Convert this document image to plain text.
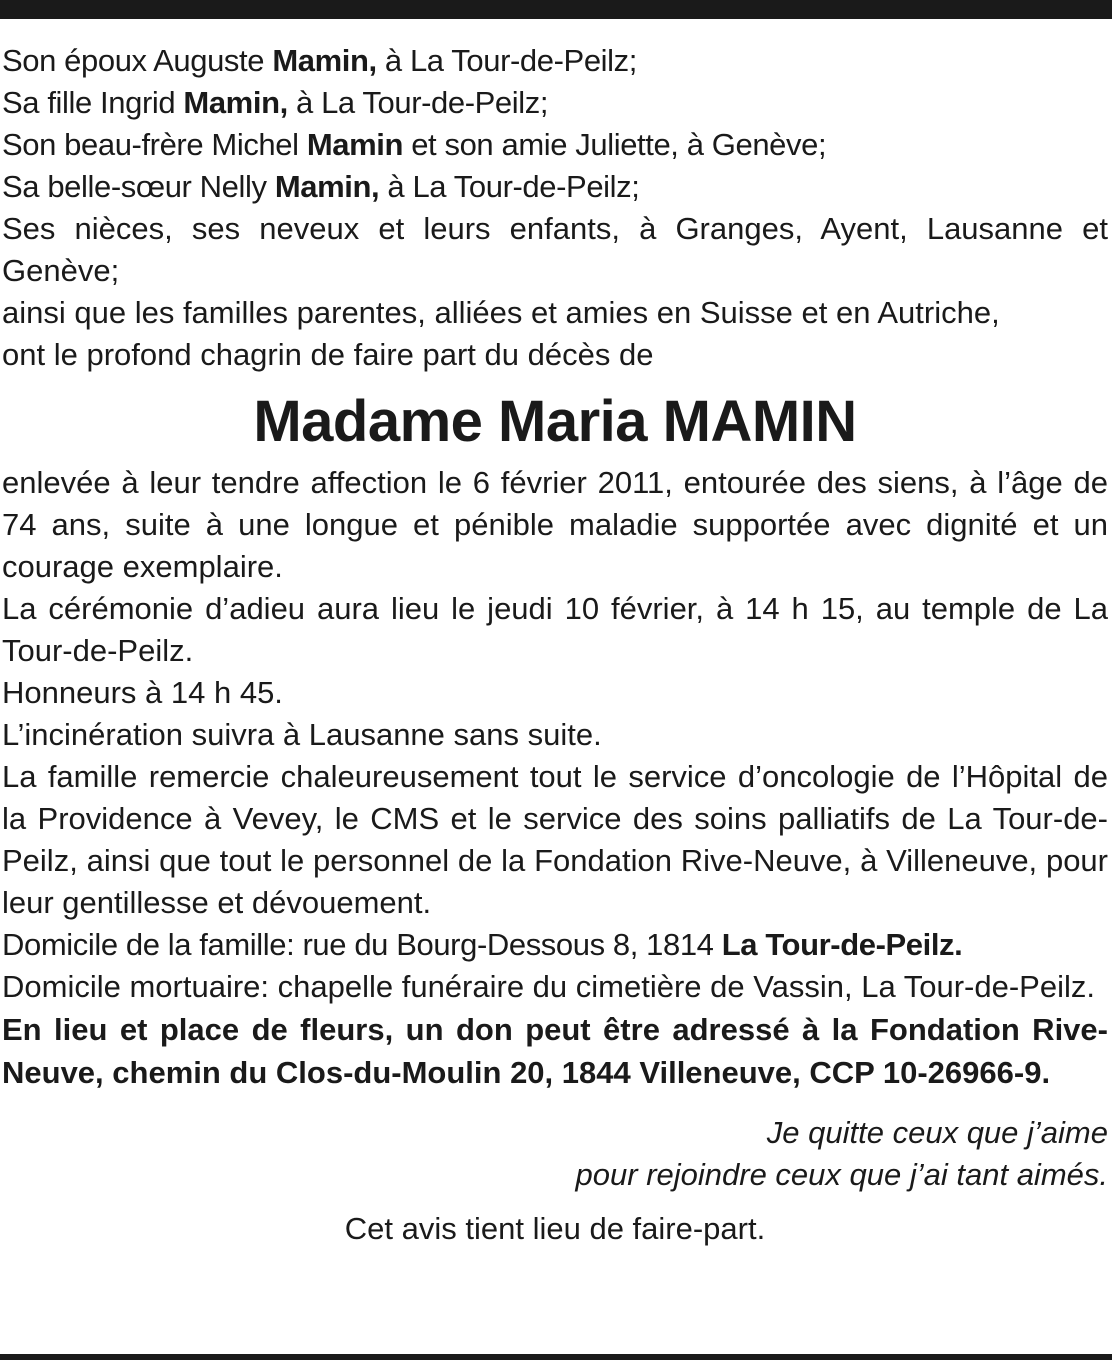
Son époux Auguste Mamin, à La Tour-de-Peilz;

Sa fille Ingrid Mamin, à La Tour-de-Peilz;

Son beau-frère Michel Mamin et son amie Juliette, à Genève;

Sa belle-sœur Nelly Mamin, à La Tour-de-Peilz;

Ses nièces, ses neveux et leurs enfants, à Granges, Ayent, Lausanne et Genève;

ainsi que les familles parentes, alliées et amies en Suisse et en Autriche,

ont le profond chagrin de faire part du décès de

Madame Maria MAMIN

enlevée à leur tendre affection le 6 février 2011, entourée des siens, à l’âge de 74 ans, suite à une longue et pénible maladie supportée avec dignité et un courage exemplaire.

La cérémonie d’adieu aura lieu le jeudi 10 février, à 14 h 15, au temple de La Tour-de-Peilz.

Honneurs à 14 h 45.

L’incinération suivra à Lausanne sans suite.

La famille remercie chaleureusement tout le service d’oncologie de l’Hôpital de la Providence à Vevey, le CMS et le service des soins palliatifs de La Tour-de-Peilz, ainsi que tout le personnel de la Fondation Rive-Neuve, à Villeneuve, pour leur gentillesse et dévouement.

Domicile de la famille: rue du Bourg-Dessous 8, 1814 La Tour-de-Peilz.

Domicile mortuaire: chapelle funéraire du cimetière de Vassin, La Tour-de-Peilz.

En lieu et place de fleurs, un don peut être adressé à la Fondation Rive-Neuve, chemin du Clos-du-Moulin 20, 1844 Villeneuve, CCP 10-26966-9.

Je quitte ceux que j’aime
pour rejoindre ceux que j’ai tant aimés.
Cet avis tient lieu de faire-part.
